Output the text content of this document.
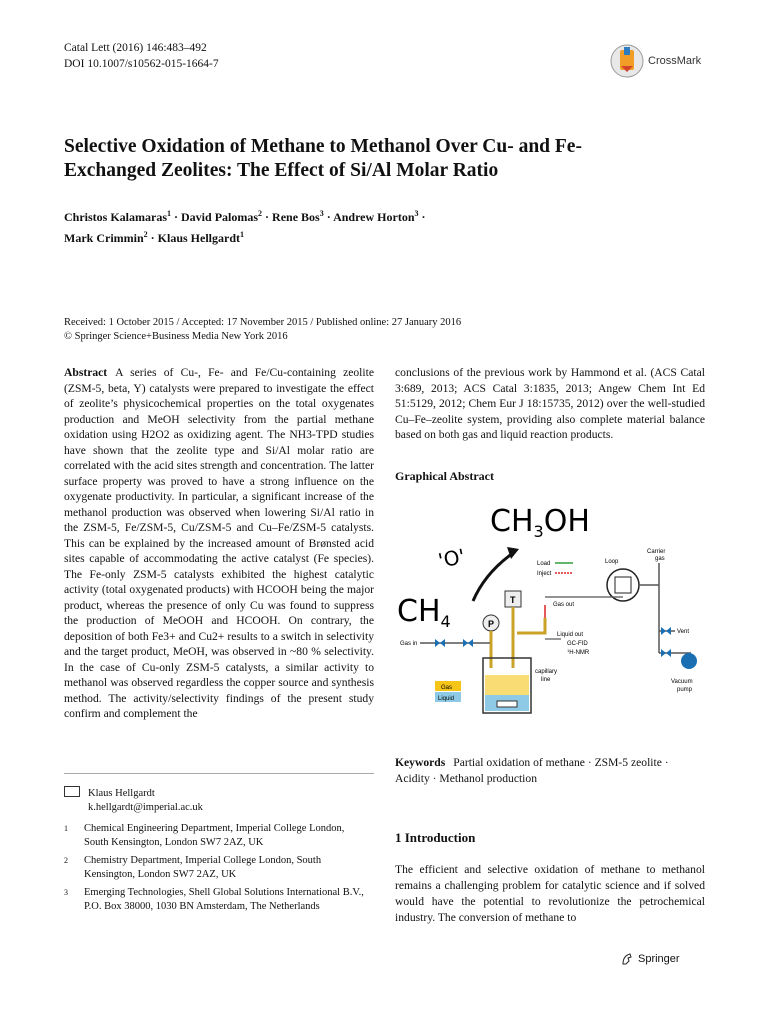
Catal Lett (2016) 146:483–492
DOI 10.1007/s10562-015-1664-7	CrossMark
Selective Oxidation of Methane to Methanol Over Cu- and Fe-Exchanged Zeolites: The Effect of Si/Al Molar Ratio
Christos Kalamaras$^1$ · David Palomas$^2$ · Rene Bos$^3$ · Andrew Horton$^3$ ·
Mark Crimmin$^2$ · Klaus Hellgardt$^1$
Received: 1 October 2015 / Accepted: 17 November 2015 / Published online: 27 January 2016
© Springer Science+Business Media New York 2016
Abstract A series of Cu-, Fe- and Fe/Cu-containing zeolite (ZSM-5, beta, Y) catalysts were prepared to investigate the effect of zeolite’s physicochemical properties on the total oxygenates production and MeOH selectivity from the partial methane oxidation using H2O2 as oxidizing agent. The NH3-TPD studies have shown that the zeolite type and Si/Al molar ratio are correlated with the acid sites strength and concentration. The latter surface property was proved to have a strong influence on the oxygenate productivity. In particular, a significant increase of the methanol production was observed when lowering Si/Al ratio in the ZSM-5, Fe/ZSM-5, Cu/ZSM-5 and Cu–Fe/ZSM-5 catalysts. This can be explained by the increased amount of Brønsted acid sites capable of accommodating the active catalyst (Fe species). The Fe-only ZSM-5 catalysts exhibited the highest catalytic activity (total oxygenated products) with HCOOH being the major product, whereas the presence of only Cu was found to suppress the production of MeOOH and HCOOH. On contrary, the deposition of both Fe3+ and Cu2+ results to a switch in selectivity and the target product, MeOH, was observed in ~80 % selectivity. In the case of Cu-only ZSM-5 catalysts, a similar activity to methanol was observed regardless the copper source and synthesis method. The activity/selectivity findings of the present study confirm and complement the
conclusions of the previous work by Hammond et al. (ACS Catal 3:689, 2013; ACS Catal 3:1835, 2013; Angew Chem Int Ed 51:5129, 2012; Chem Eur J 18:15735, 2012) over the well-studied Cu–Fe–zeolite system, providing also complete material balance based on both gas and liquid reaction products.
Graphical Abstract
$CH_3OH$
'O'
$CH_4$
Load
Inject
Loop
Carrier
gas
Gas out
Vent
Liquid out
GC-FID
$^1$H-NMR
T
P
Gas in
capillary
line
Gas
Liquid
Vacuum
pump
Keywords Partial oxidation of methane · ZSM-5 zeolite · Acidity · Methanol production
Klaus Hellgardt
k.hellgardt@imperial.ac.uk
1 Chemical Engineering Department, Imperial College London, South Kensington, London SW7 2AZ, UK
2 Chemistry Department, Imperial College London, South Kensington, London SW7 2AZ, UK
3 Emerging Technologies, Shell Global Solutions International B.V., P.O. Box 38000, 1030 BN Amsterdam, The Netherlands
1 Introduction
The efficient and selective oxidation of methane to methanol remains a challenging problem for catalytic science and if solved would have the potential to revolutionize the petrochemical industry. The conversion of methane to
Springer
